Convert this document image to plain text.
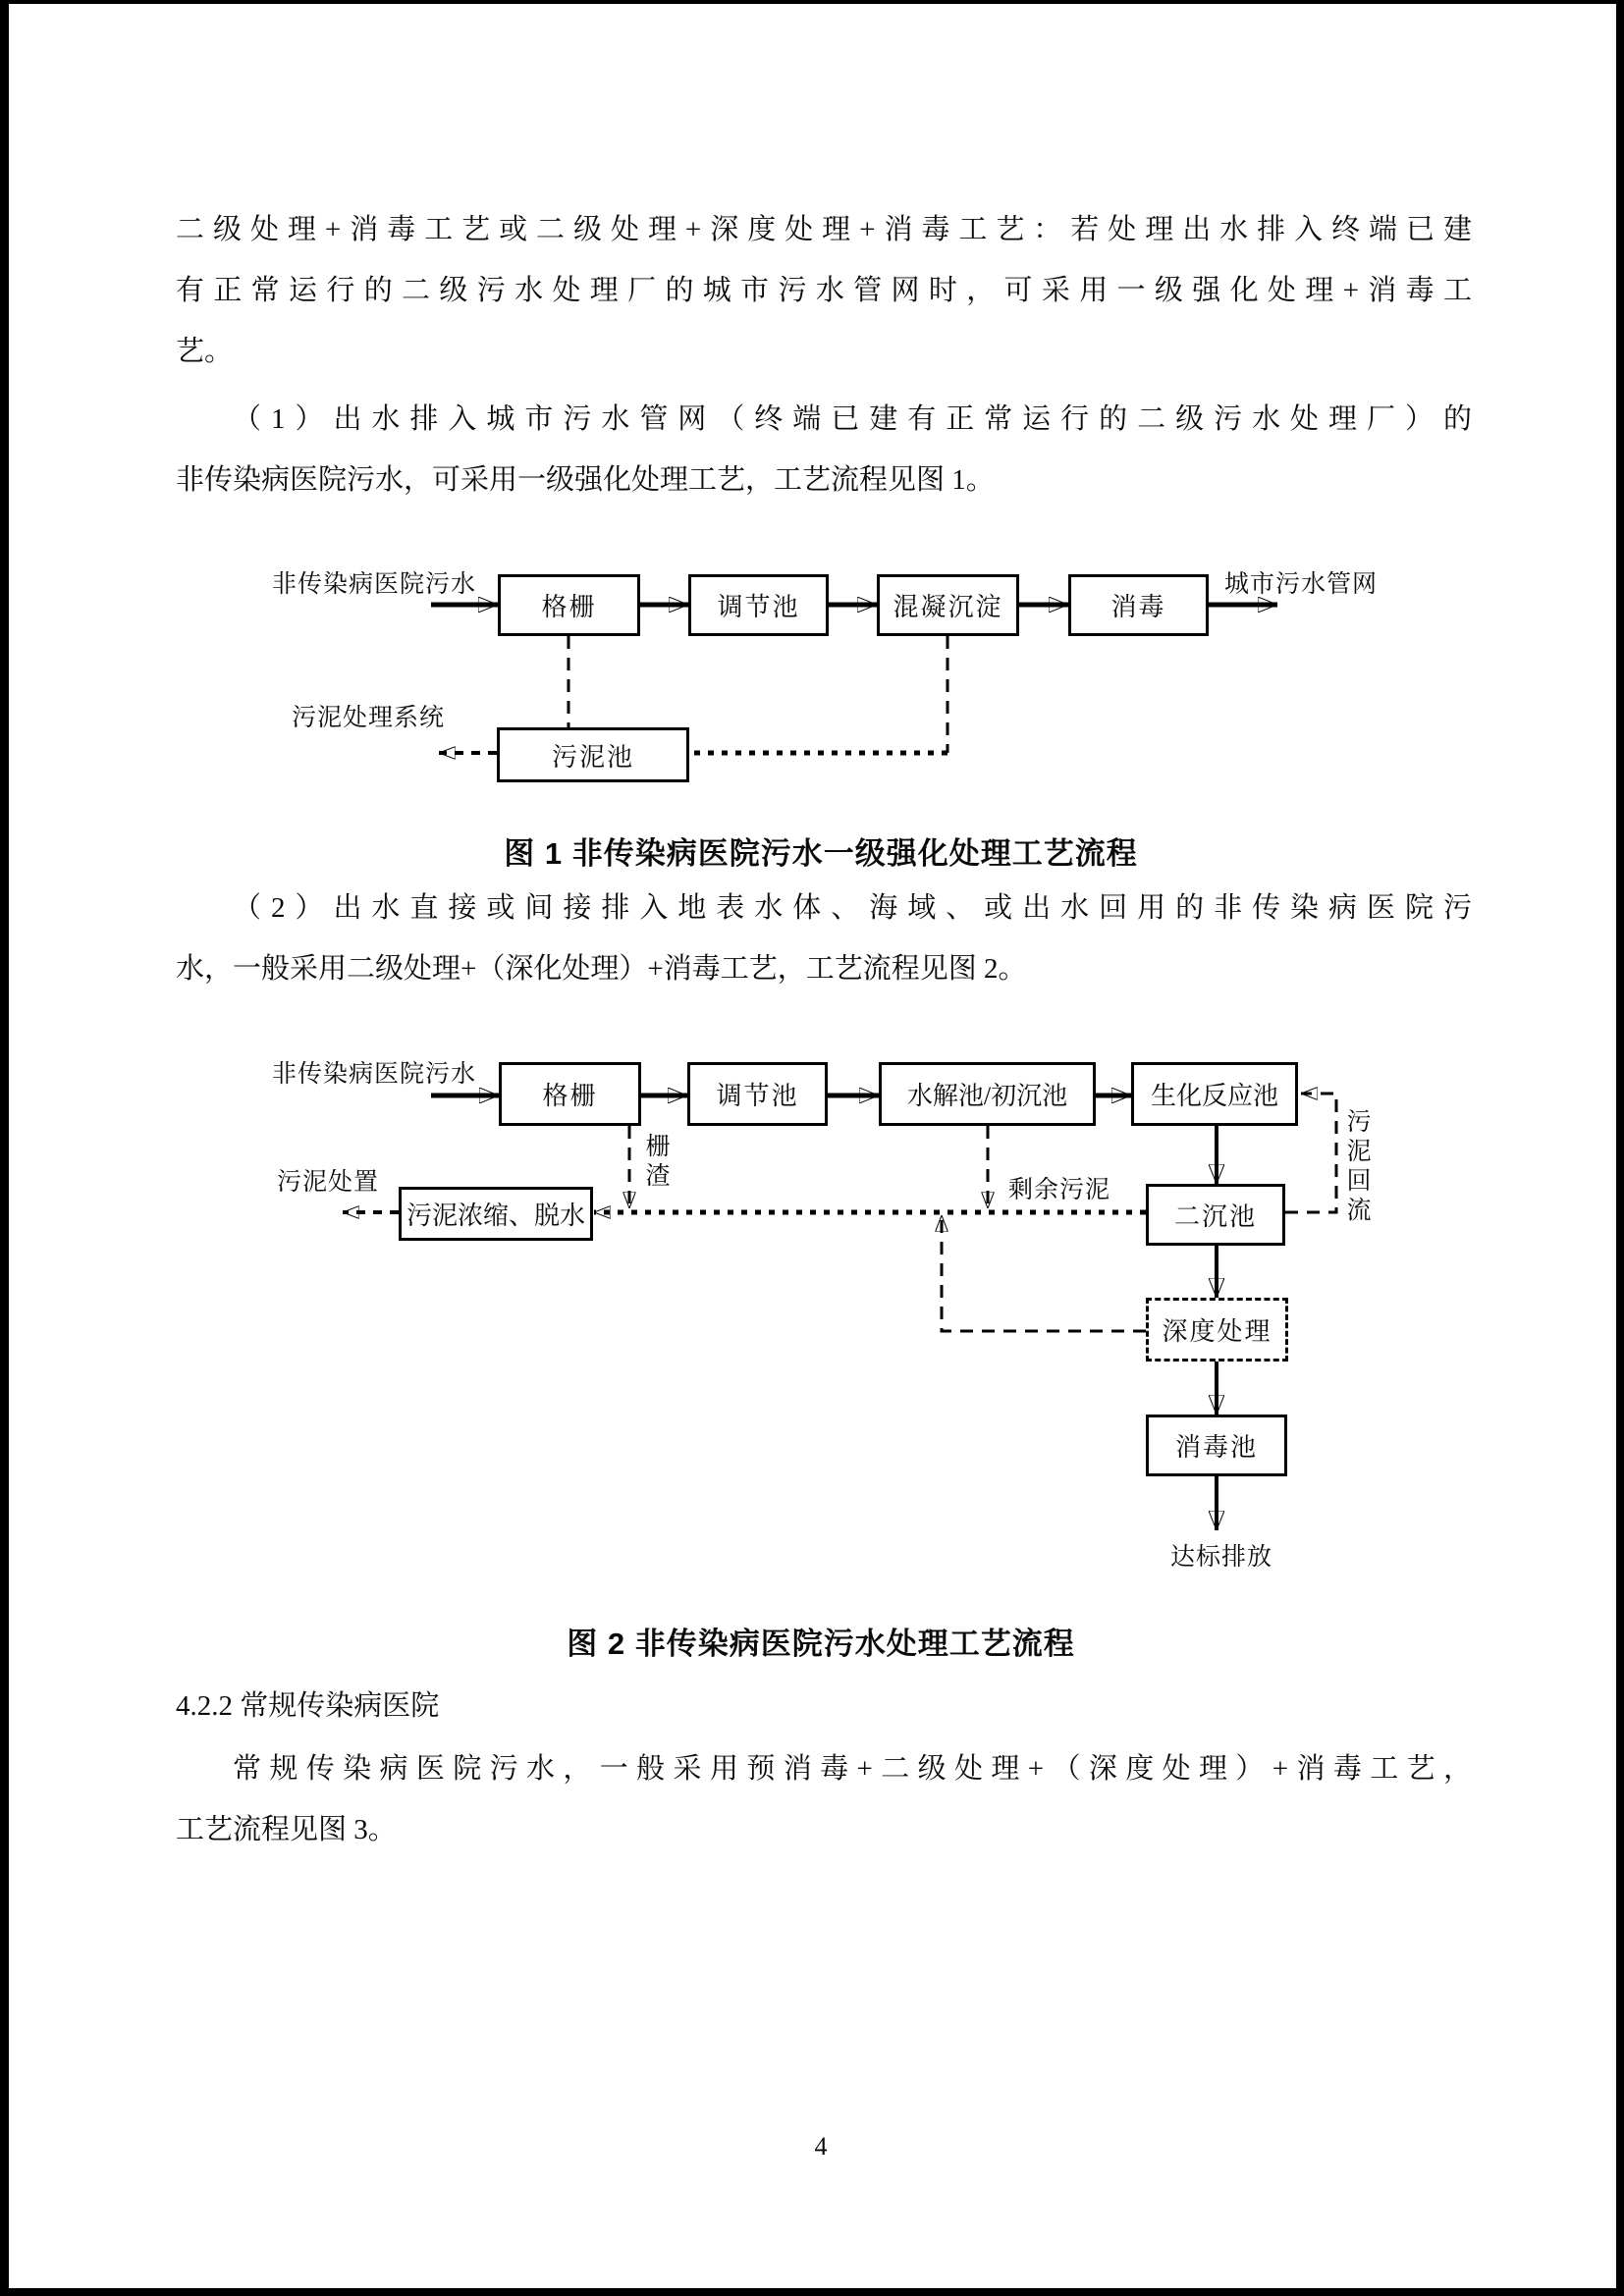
二级处理+消毒工艺或二级处理+深度处理+消毒工艺：若处理出水排入终端已建
有正常运行的二级污水处理厂的城市污水管网时，可采用一级强化处理+消毒工
艺。
（1）出水排入城市污水管网（终端已建有正常运行的二级污水处理厂）的
非传染病医院污水，可采用一级强化处理工艺，工艺流程见图 1。
非传染病医院污水	城市污水管网
污泥处理系统
格栅	调节池	混凝沉淀	消毒
污泥池
图 1 非传染病医院污水一级强化处理工艺流程
（2）出水直接或间接排入地表水体、海域、或出水回用的非传染病医院污
水，一般采用二级处理+（深化处理）+消毒工艺，工艺流程见图 2。
非传染病医院污水
污泥处置	栅渣	剩余污泥	污泥回流
达标排放
格栅	调节池	水解池/初沉池	生化反应池
二沉池
深度处理
消毒池
污泥浓缩、脱水
图 2 非传染病医院污水处理工艺流程
4.2.2 常规传染病医院
常规传染病医院污水，一般采用预消毒+二级处理+（深度处理）+消毒工艺，
工艺流程见图 3。
4
